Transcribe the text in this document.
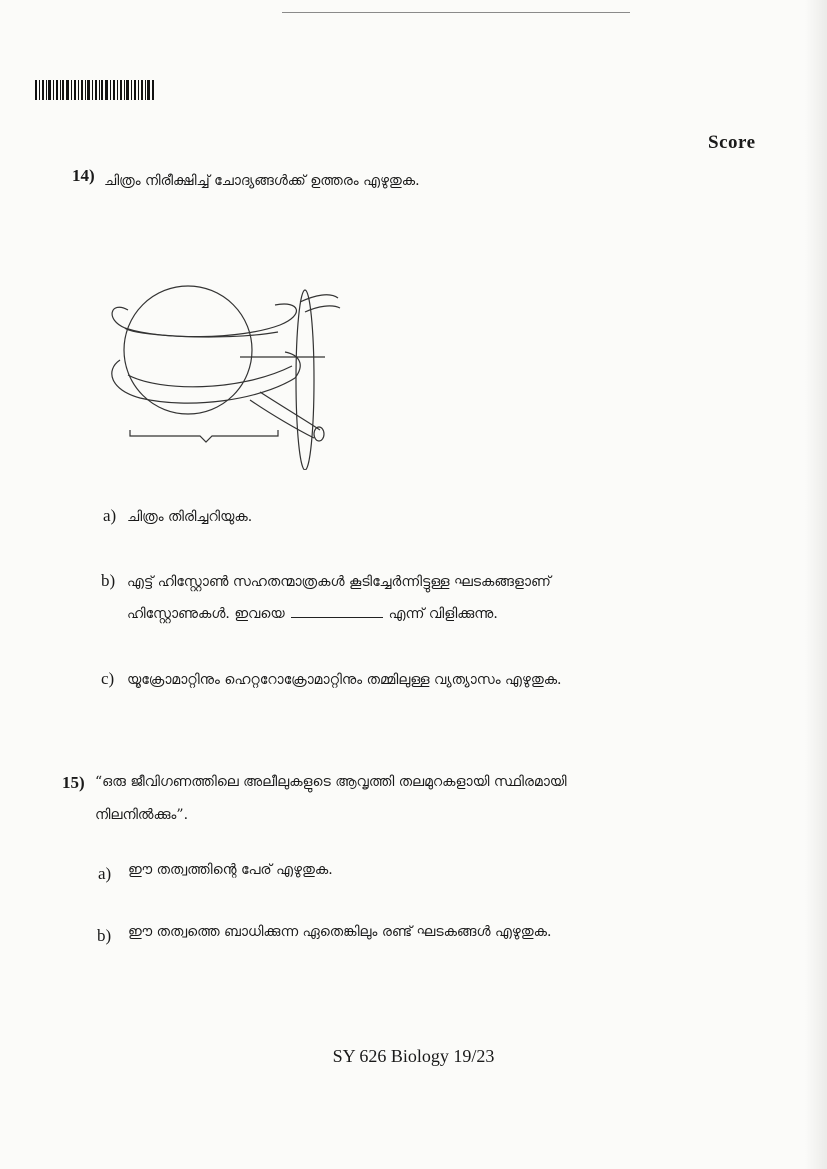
Score
14) ചിത്രം നിരീക്ഷിച്ച് ചോദ്യങ്ങൾക്ക് ഉത്തരം എഴുതുക.
a) ചിത്രം തിരിച്ചറിയുക.
b) എട്ട് ഹിസ്റ്റോൺ സഹതന്മാത്രകൾ കൂടിച്ചേർന്നിട്ടുള്ള ഘടകങ്ങളാണ്
ഹിസ്റ്റോണുകൾ. ഇവയെ	എന്ന് വിളിക്കുന്നു.
c) യൂക്രോമാറ്റിനും ഹെറ്ററോക്രോമാറ്റിനും തമ്മിലുള്ള വ്യത്യാസം എഴുതുക.
15) “ഒരു ജീവിഗണത്തിലെ അലീലുകളുടെ ആവൃത്തി തലമുറകളായി സ്ഥിരമായി
നിലനിൽക്കും”.
a) ഈ തത്വത്തിന്റെ പേര് എഴുതുക.
b) ഈ തത്വത്തെ ബാധിക്കുന്ന ഏതെങ്കിലും രണ്ട് ഘടകങ്ങൾ എഴുതുക.
SY 626 Biology 19/23
